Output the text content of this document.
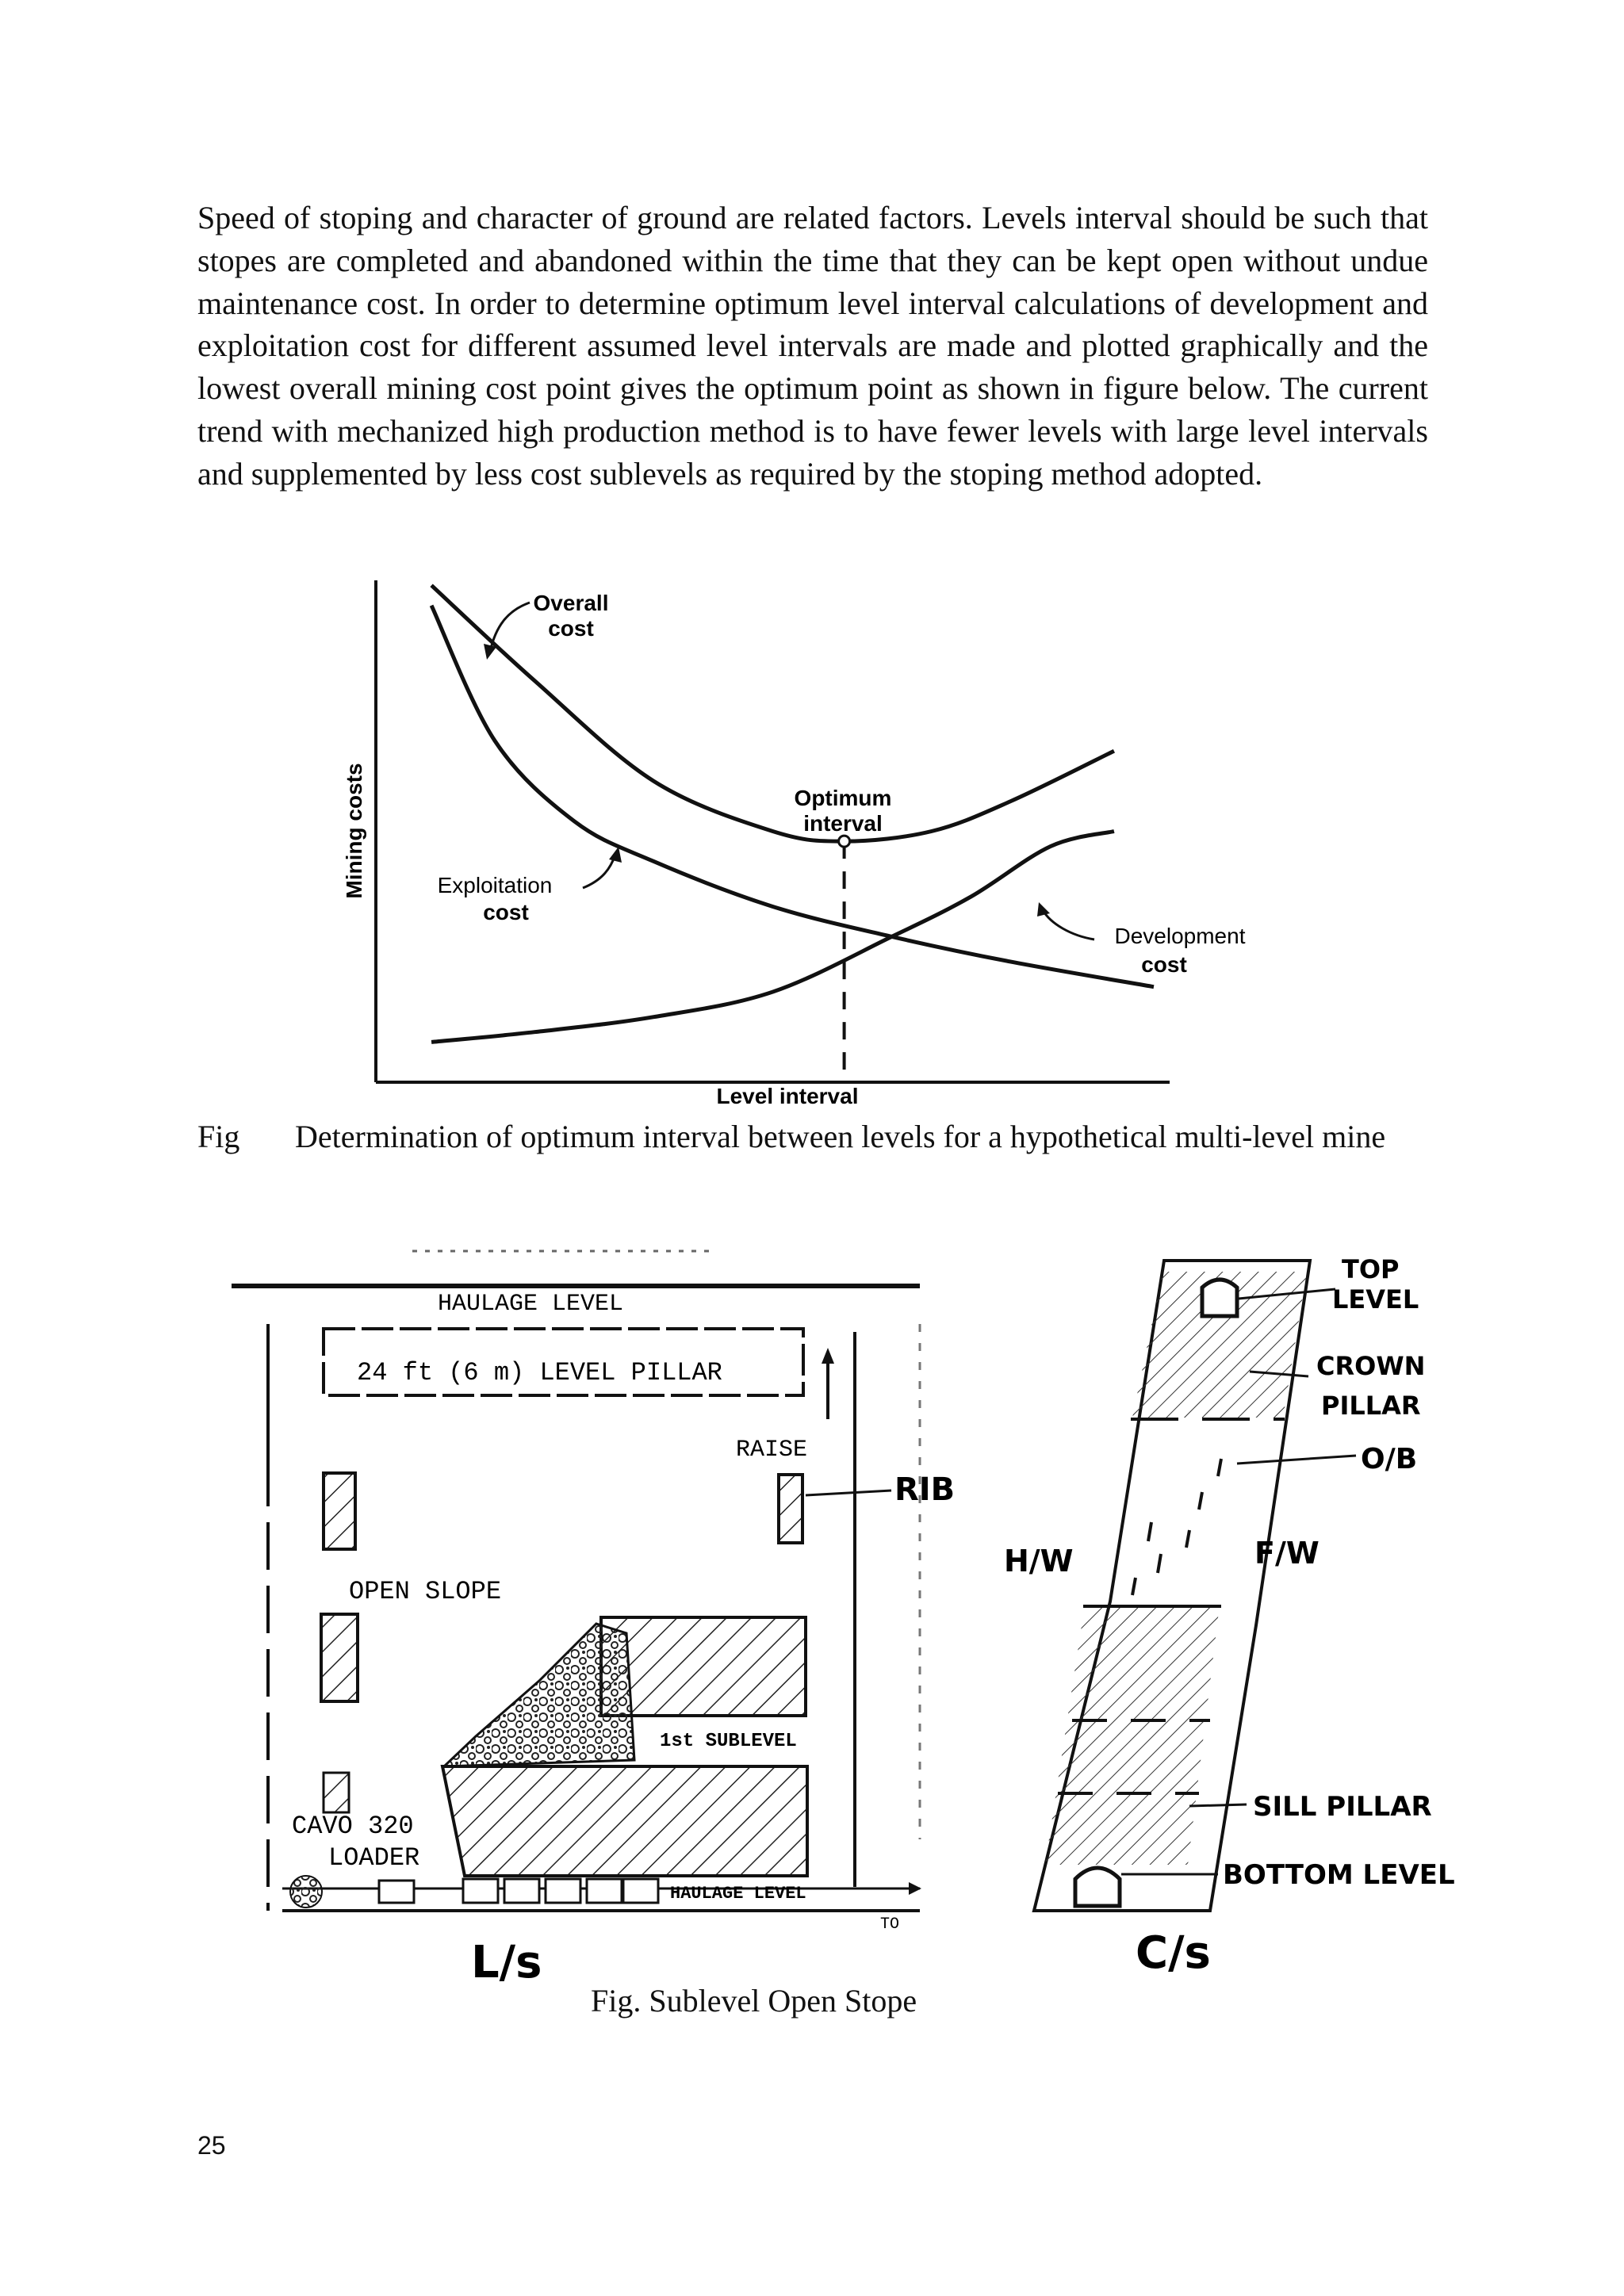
Speed of stoping and character of ground are related factors. Levels interval should be such that stopes are completed and abandoned within the time that they can be kept open without undue maintenance cost. In order to determine optimum level interval calculations of development and exploitation cost for different assumed level intervals are made and plotted graphically and the lowest overall mining cost point gives the optimum point as shown in figure below. The current trend with mechanized high production method is to have fewer levels with large level intervals and supplemented by less cost sublevels as required by the stoping method adopted.

Mining costs
Level interval
Overall
cost
Exploitation
cost
Development
cost
Optimum
interval
HAULAGE LEVEL
24 ft (6 m) LEVEL PILLAR
RAISE
RIB
OPEN SLOPE
1st SUBLEVEL
CAVO 320
LOADER
HAULAGE LEVEL
TO
L/s
TOP
LEVEL
CROWN
PILLAR
O/B
H/W	F/W
SILL PILLAR
BOTTOM LEVEL
C/s
Fig Determination of optimum interval between levels for a hypothetical multi-level mine
Fig. Sublevel Open Stope
25
